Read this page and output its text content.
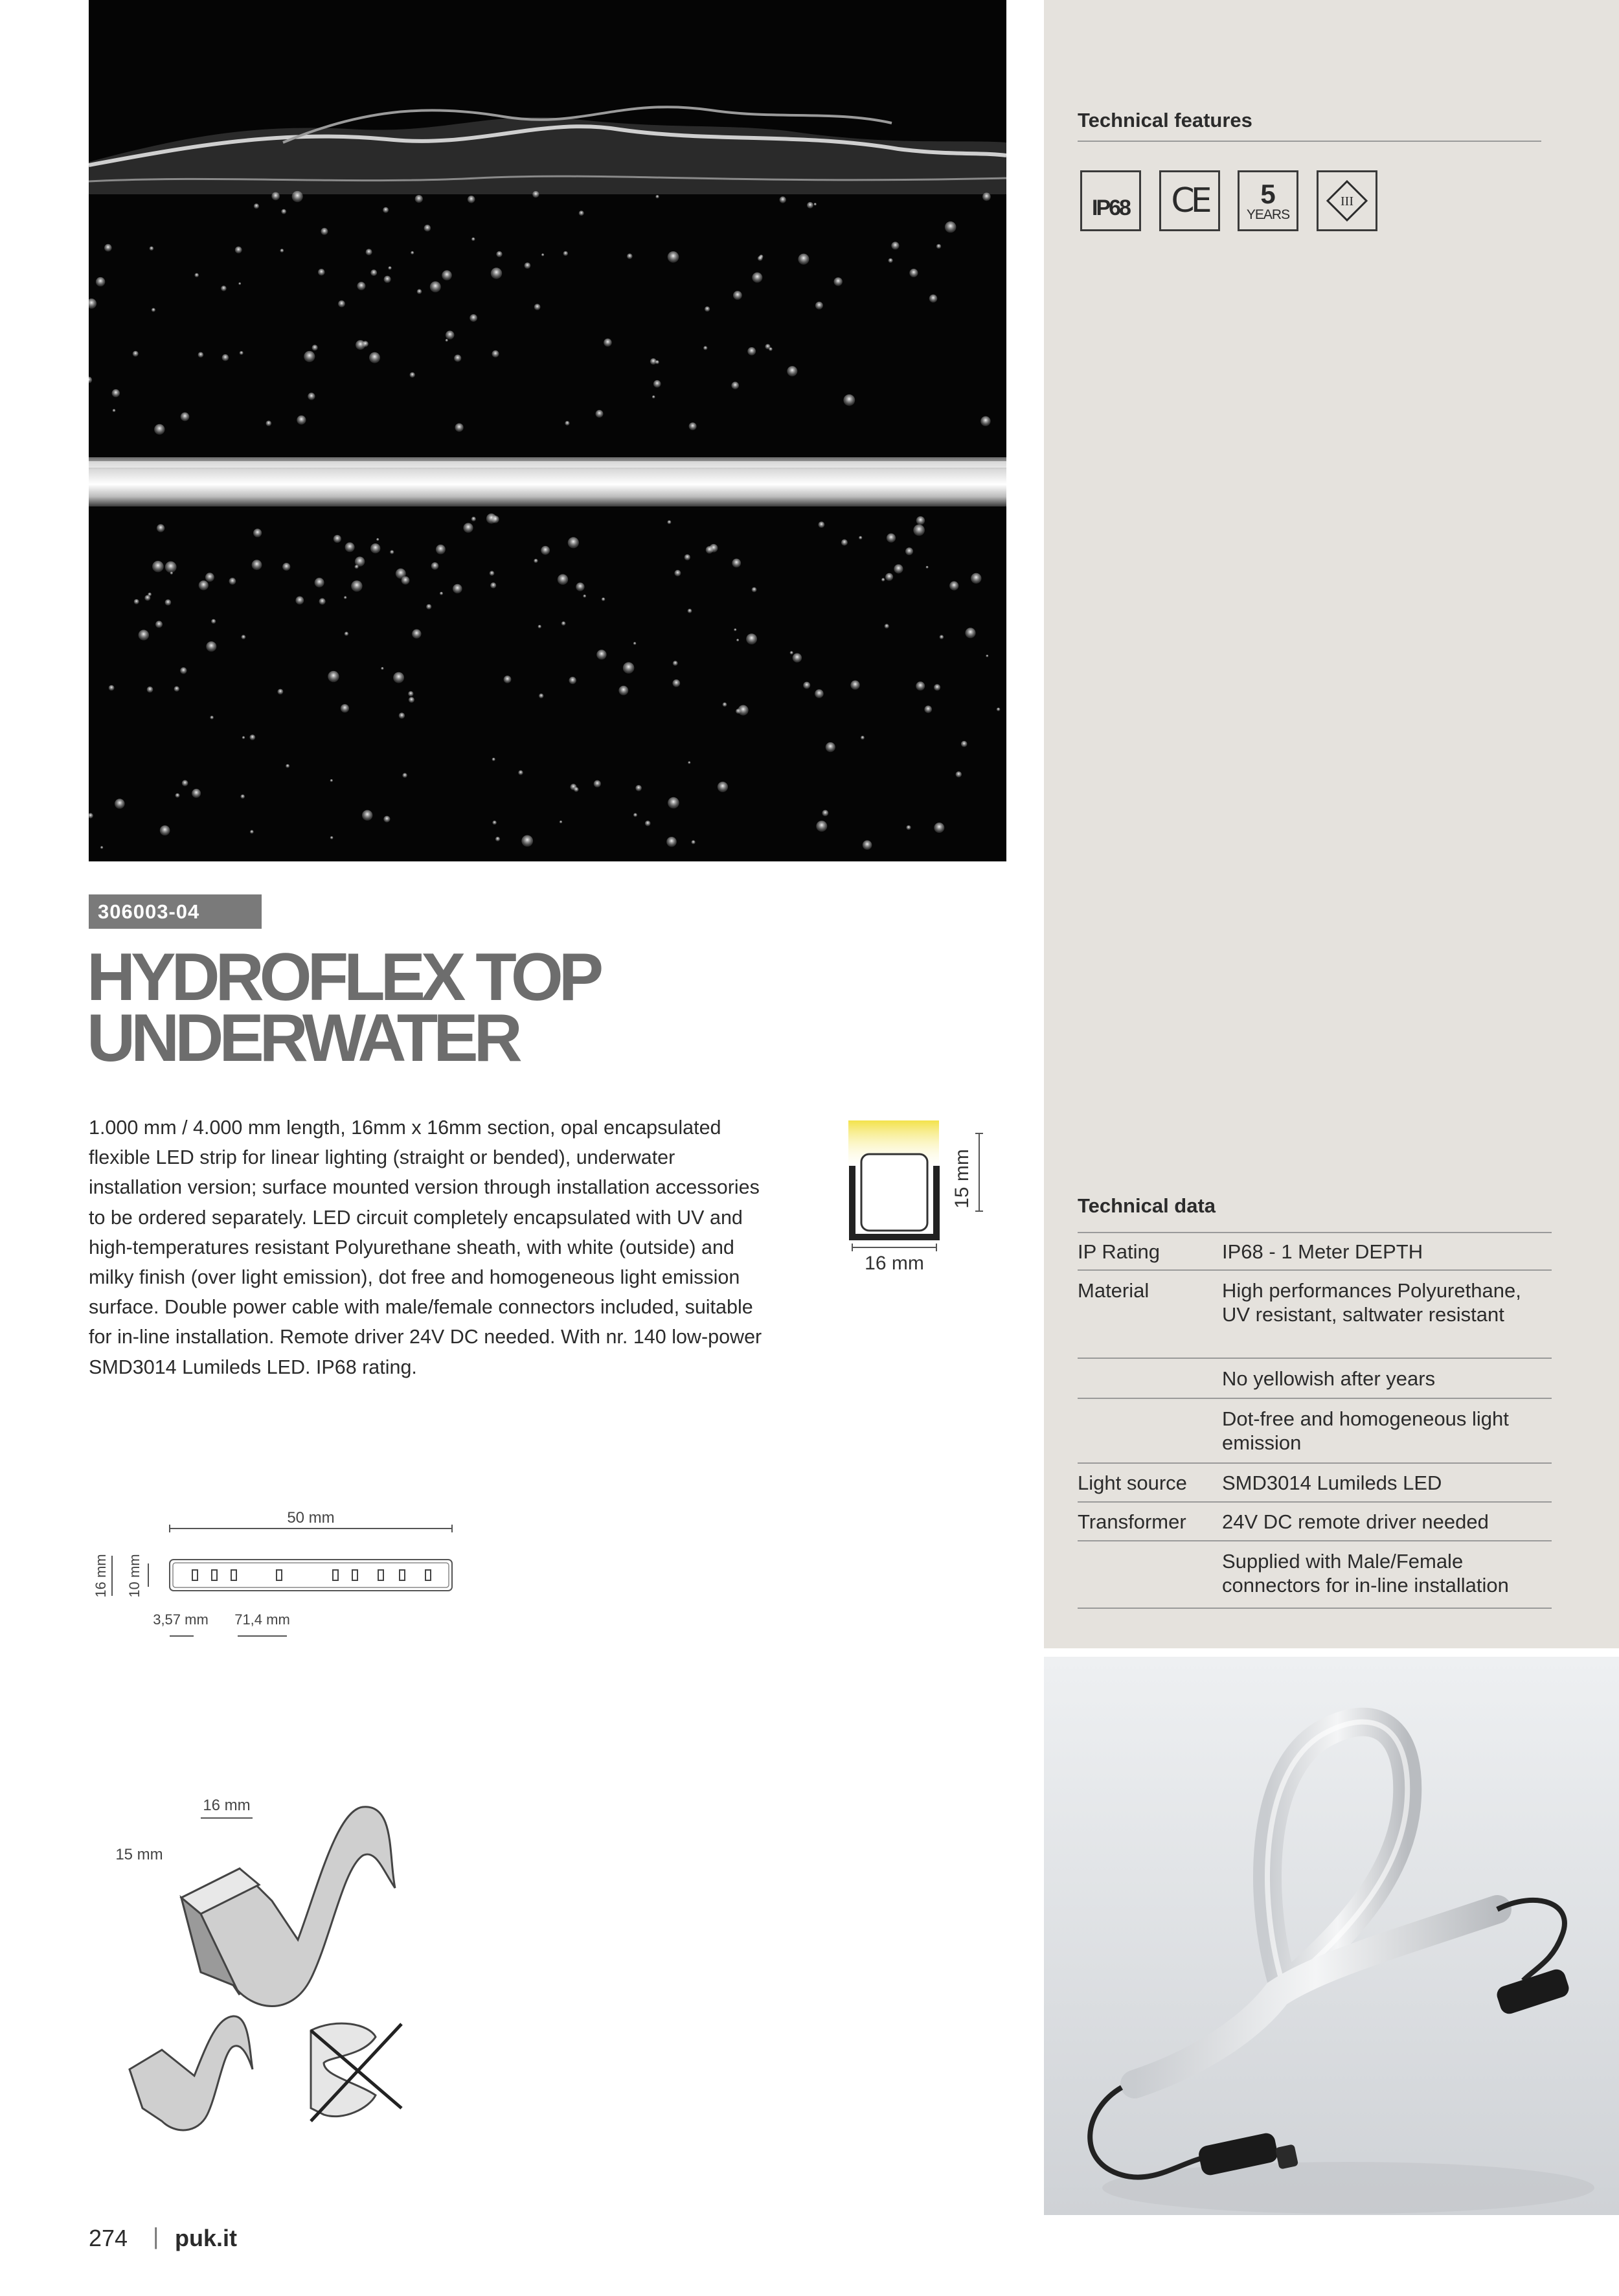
Technical features
IP68 CE 5
YEARS
III
Technical data
IP Rating	IP68 - 1 Meter DEPTH
Material	High performances Polyurethane, UV resistant, saltwater resistant
No yellowish after years
Dot-free and homogeneous light emission
Light source SMD3014 Lumileds LED
Transformer 24V DC remote driver needed
Supplied with Male/Female connectors for in-line installation
306003-04
HYDROFLEX TOP
UNDERWATER
1.000 mm / 4.000 mm length, 16mm x 16mm section, opal encapsulated flexible LED strip for linear lighting (straight or bended), underwater installation version; surface mounted version through installation accessories to be ordered separately. LED circuit completely encapsulated with UV and high-temperatures resistant Polyurethane sheath, with white (outside) and milky finish (over light emission), dot free and homogeneous light emission surface. Double power cable with male/female connectors included, suitable for in-line installation. Remote driver 24V DC needed. With nr. 140 low-power SMD3014 Lumileds LED. IP68 rating.
15 mm
16 mm
50 mm
16 mm 10 mm
3,57 mm 71,4 mm
16 mm
15 mm
274 | puk.it
